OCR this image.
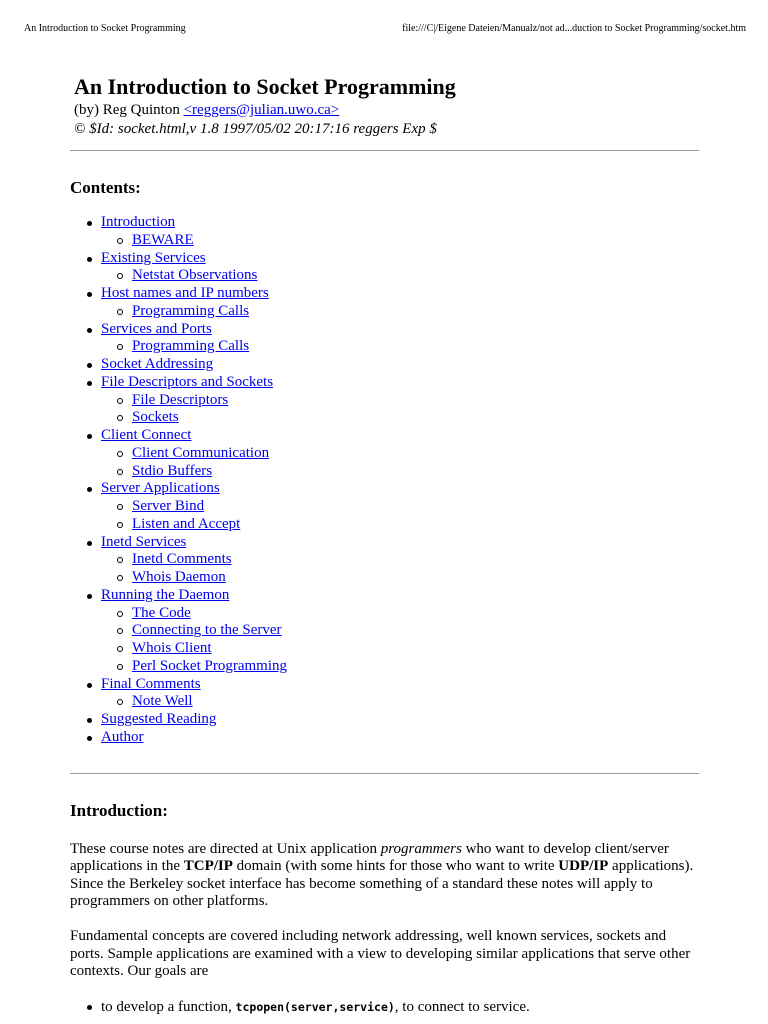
An Introduction to Socket Programming	file:///C|/Eigene Dateien/Manualz/not ad...duction to Socket Programming/socket.htm
An Introduction to Socket Programming
(by) Reg Quinton <reggers@julian.uwo.ca>
© $Id: socket.html,v 1.8 1997/05/02 20:17:16 reggers Exp $
Contents:
Introduction
BEWARE
Existing Services
Netstat Observations
Host names and IP numbers
Programming Calls
Services and Ports
Programming Calls
Socket Addressing
File Descriptors and Sockets
File Descriptors
Sockets
Client Connect
Client Communication
Stdio Buffers
Server Applications
Server Bind
Listen and Accept
Inetd Services
Inetd Comments
Whois Daemon
Running the Daemon
The Code
Connecting to the Server
Whois Client
Perl Socket Programming
Final Comments
Note Well
Suggested Reading
Author
Introduction:

These course notes are directed at Unix application programmers who want to develop client/server applications in the TCP/IP domain (with some hints for those who want to write UDP/IP applications). Since the Berkeley socket interface has become something of a standard these notes will apply to programmers on other platforms.

Fundamental concepts are covered including network addressing, well known services, sockets and ports. Sample applications are examined with a view to developing similar applications that serve other contexts. Our goals are

to develop a function, tcpopen(server,service), to connect to service.
